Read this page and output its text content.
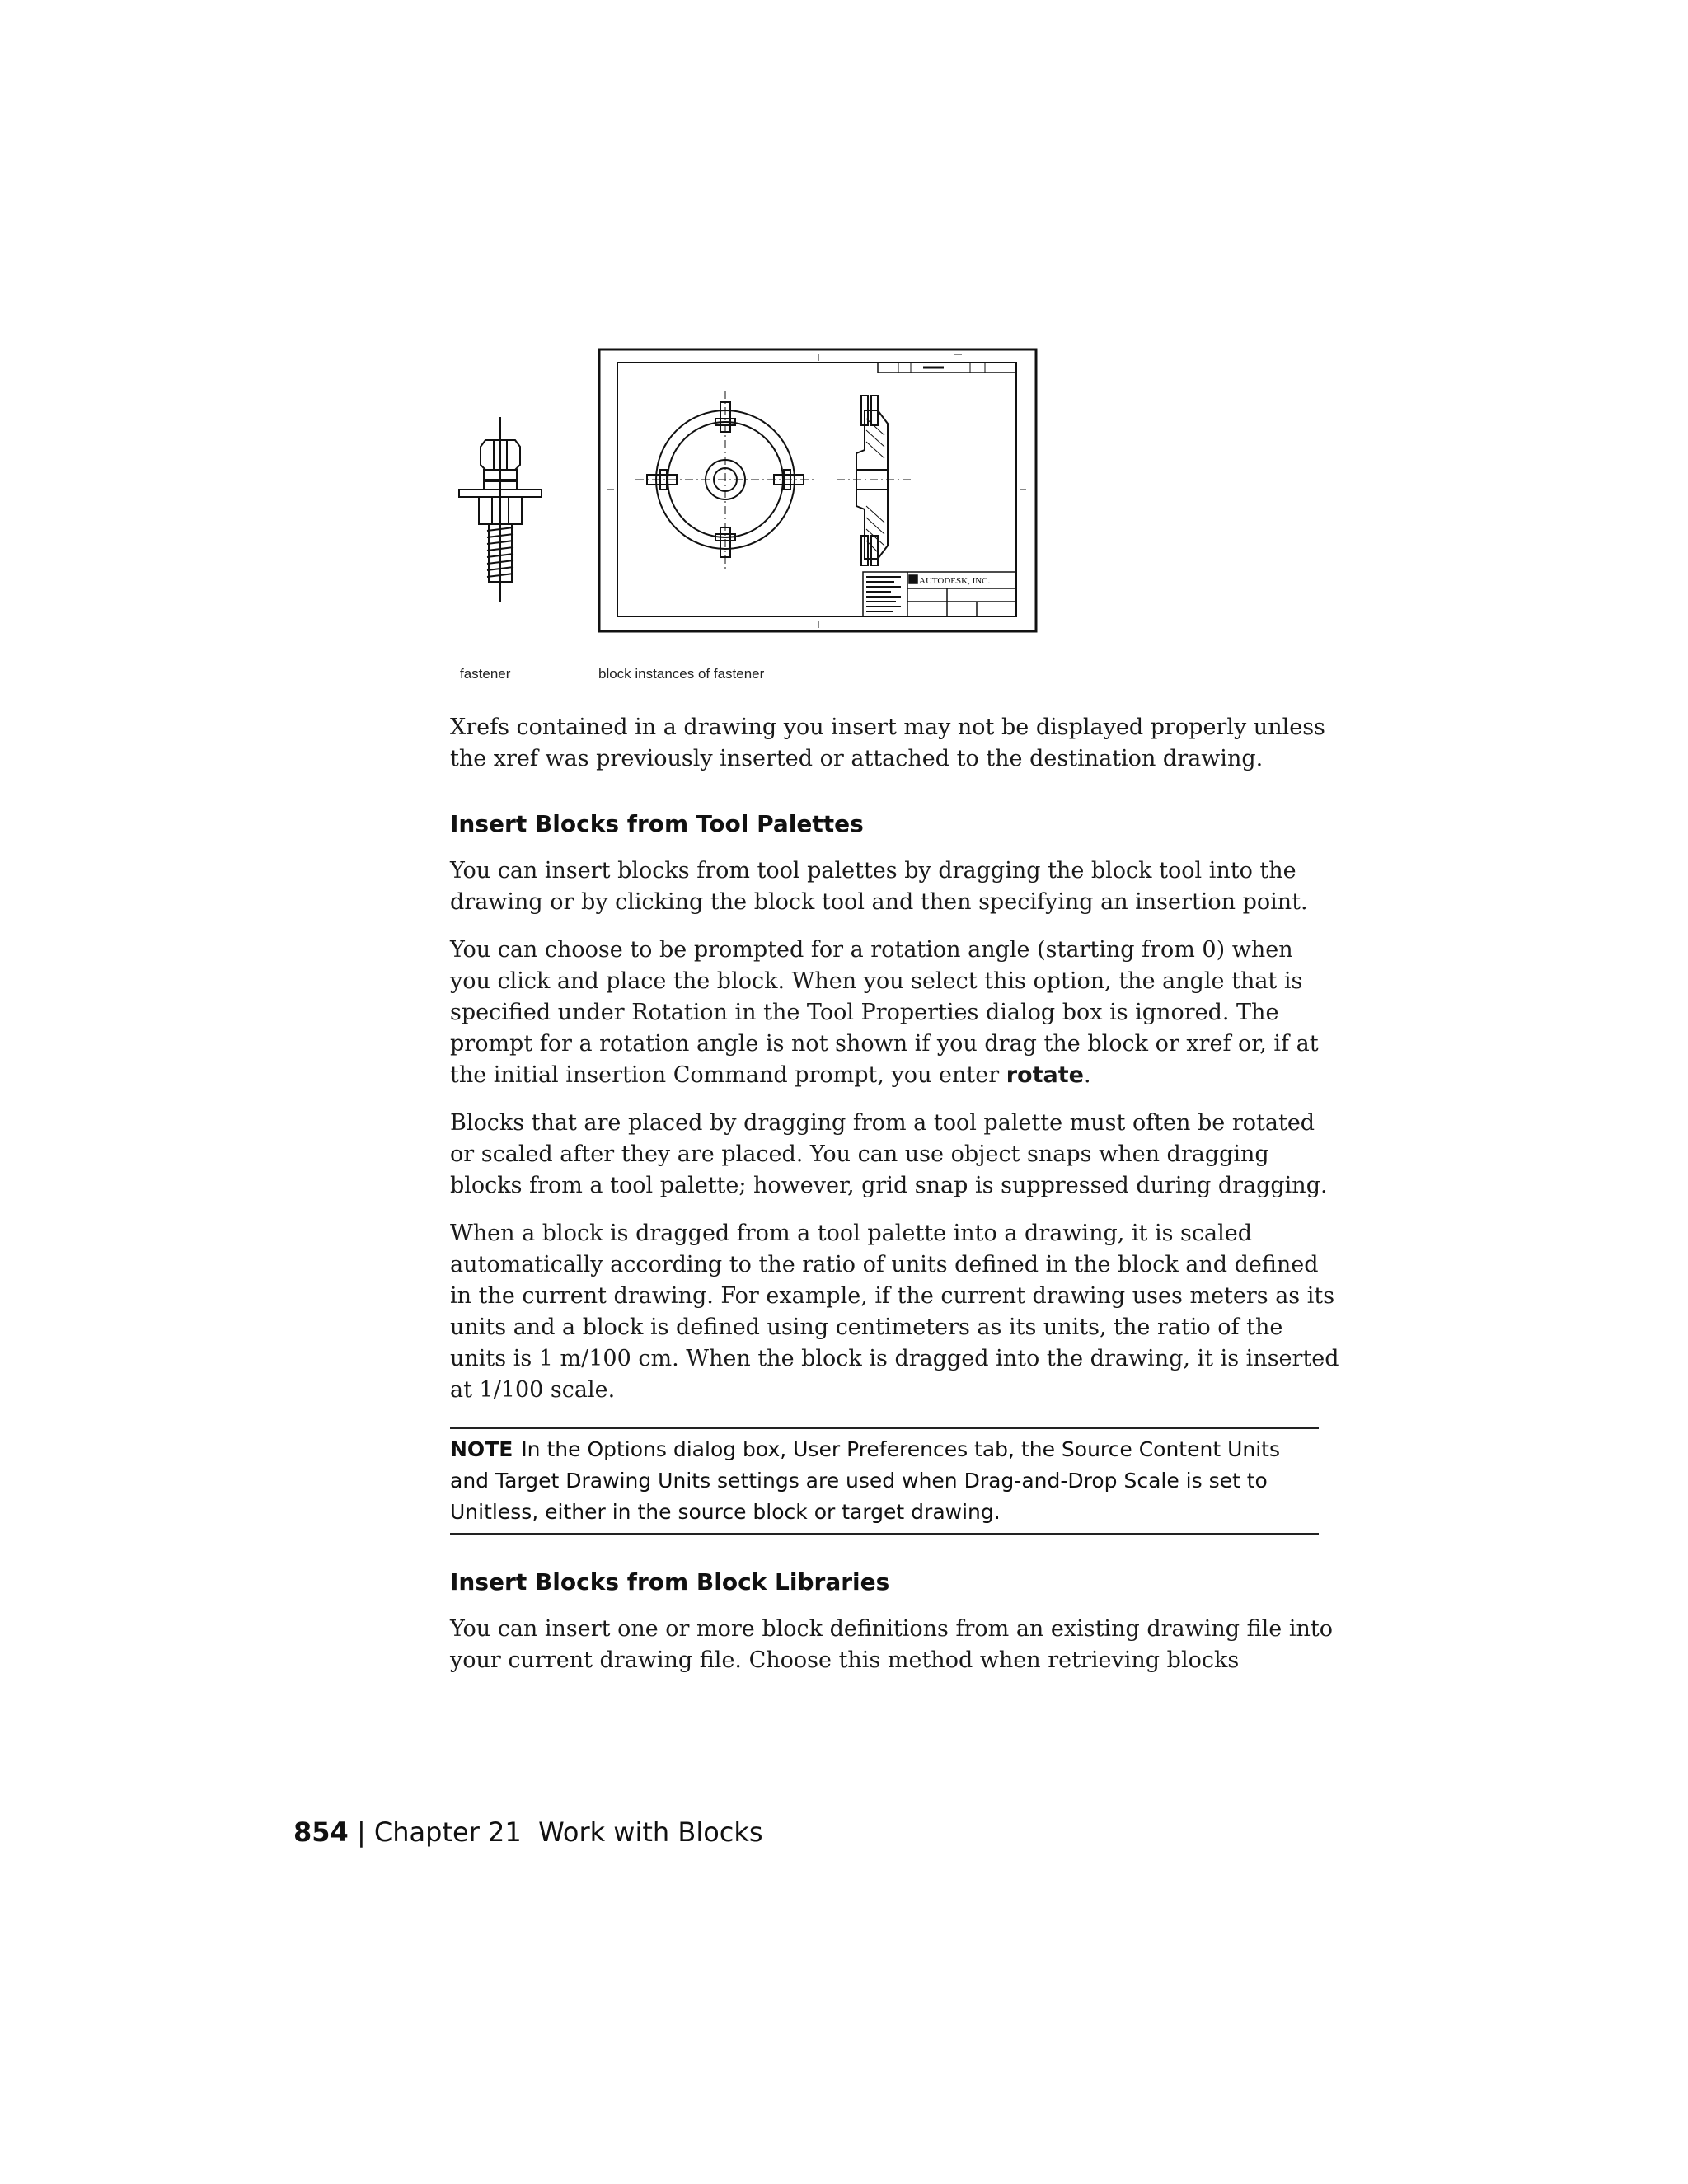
AUTODESK, INC.
fastener	block instances of fastener

Xrefs contained in a drawing you insert may not be displayed properly unless the xref was previously inserted or attached to the destination drawing.

Insert Blocks from Tool Palettes

You can insert blocks from tool palettes by dragging the block tool into the drawing or by clicking the block tool and then specifying an insertion point.

You can choose to be prompted for a rotation angle (starting from 0) when you click and place the block. When you select this option, the angle that is specified under Rotation in the Tool Properties dialog box is ignored. The prompt for a rotation angle is not shown if you drag the block or xref or, if at the initial insertion Command prompt, you enter rotate.

Blocks that are placed by dragging from a tool palette must often be rotated or scaled after they are placed. You can use object snaps when dragging blocks from a tool palette; however, grid snap is suppressed during dragging.

When a block is dragged from a tool palette into a drawing, it is scaled automatically according to the ratio of units defined in the block and defined in the current drawing. For example, if the current drawing uses meters as its units and a block is defined using centimeters as its units, the ratio of the units is 1 m/100 cm. When the block is dragged into the drawing, it is inserted at 1/100 scale.

NOTE In the Options dialog box, User Preferences tab, the Source Content Units and Target Drawing Units settings are used when Drag-and-Drop Scale is set to Unitless, either in the source block or target drawing.
Insert Blocks from Block Libraries

You can insert one or more block definitions from an existing drawing file into your current drawing file. Choose this method when retrieving blocks

854 | Chapter 21 Work with Blocks
